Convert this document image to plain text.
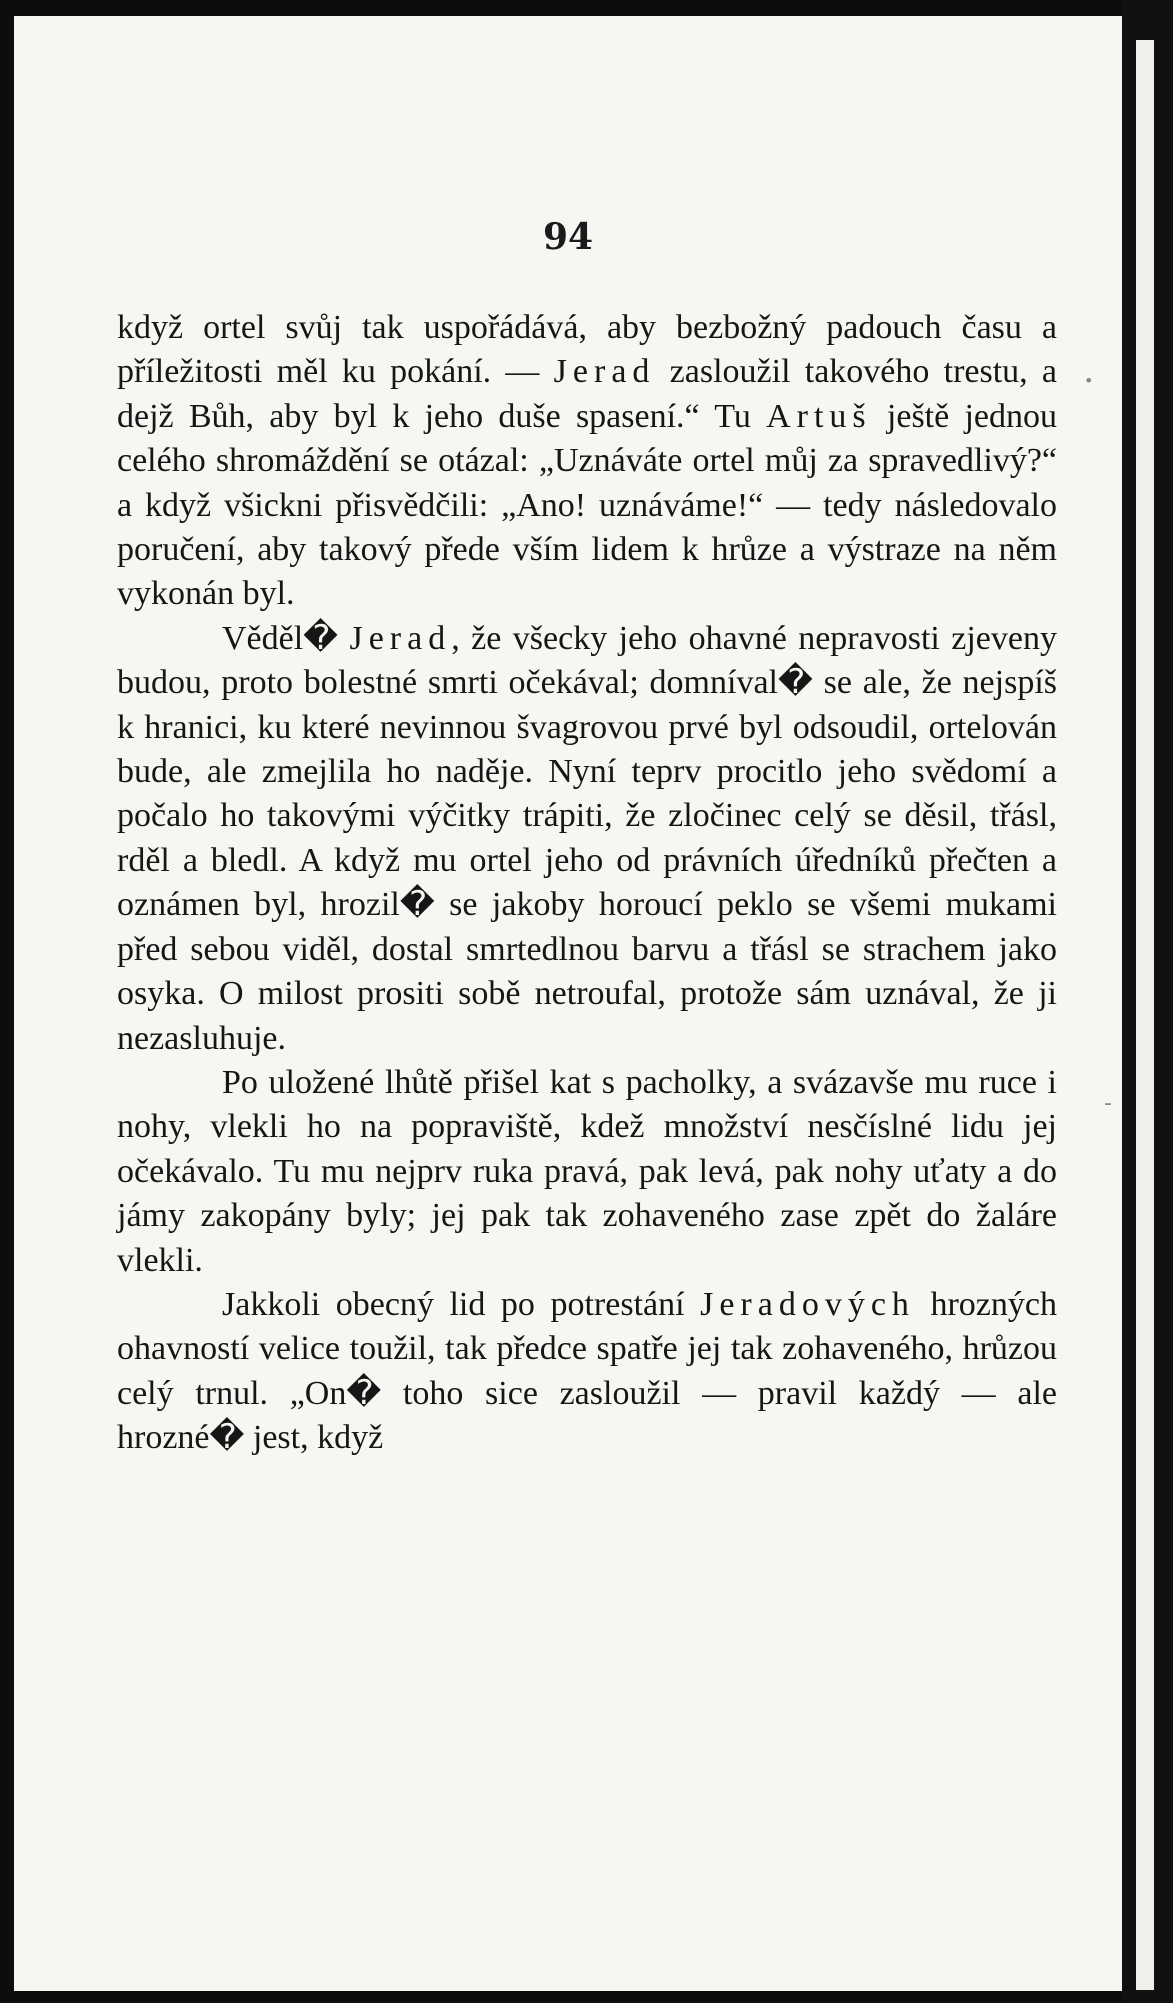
94

když ortel svůj tak uspořádává, aby bezbožný padouch času a příležitosti měl ku pokání. — Jerad zasloužil takového trestu, a dejž Bůh, aby byl k jeho duše spasení.“ Tu Artuš ještě jednou celého shromáždění se otázal: „Uznáváte ortel můj za spravedlivý?“ a když všickni přisvědčili: „Ano! uznáváme!“ — tedy následovalo poručení, aby takový přede vším lidem k hrůze a výstraze na něm vykonán byl.

Věděl� Jerad, že všecky jeho ohavné nepravosti zjeveny budou, proto bolestné smrti očekával; domníval� se ale, že nejspíš k hranici, ku které nevinnou švagrovou prvé byl odsoudil, ortelován bude, ale zmejlila ho naděje. Nyní teprv procitlo jeho svědomí a počalo ho takovými výčitky trápiti, že zločinec celý se děsil, třásl, rděl a bledl. A když mu ortel jeho od právních úředníků přečten a oznámen byl, hrozil� se jakoby horoucí peklo se všemi mukami před sebou viděl, dostal smrtedlnou barvu a třásl se strachem jako osyka. O milost prositi sobě netroufal, protože sám uznával, že ji nezasluhuje.

Po uložené lhůtě přišel kat s pacholky, a svázavše mu ruce i nohy, vlekli ho na popraviště, kdež množství nesčíslné lidu jej očekávalo. Tu mu nejprv ruka pravá, pak levá, pak nohy uťaty a do jámy zakopány byly; jej pak tak zohaveného zase zpět do žaláre vlekli.

Jakkoli obecný lid po potrestání Jeradových hrozných ohavností velice toužil, tak předce spatře jej tak zohaveného, hrůzou celý trnul. „On� toho sice zasloužil — pravil každý — ale hrozné� jest, když

•
-
